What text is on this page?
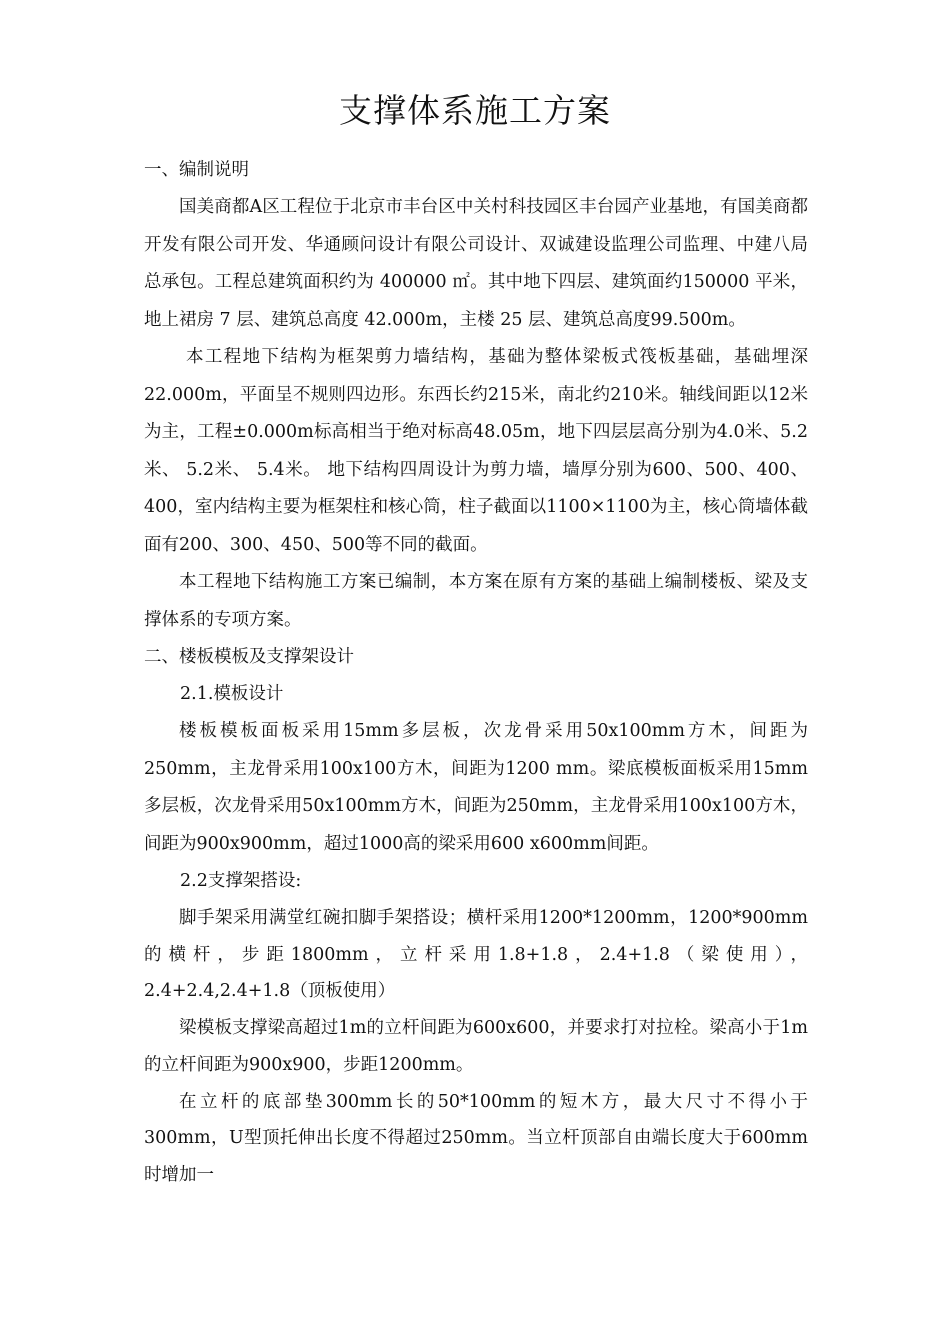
支撑体系施工方案

一、编制说明

国美商都A区工程位于北京市丰台区中关村科技园区丰台园产业基地，有国美商都开发有限公司开发、华通顾问设计有限公司设计、双诚建设监理公司监理、中建八局总承包。工程总建筑面积约为 400000 ㎡。其中地下四层、建筑面约150000 平米，地上裙房 7 层、建筑总高度 42.000m，主楼 25 层、建筑总高度99.500m。

本工程地下结构为框架剪力墙结构，基础为整体梁板式筏板基础，基础埋深22.000m，平面呈不规则四边形。东西长约215米，南北约210米。轴线间距以12米为主，工程±0.000m标高相当于绝对标高48.05m，地下四层层高分别为4.0米、5.2米、 5.2米、 5.4米。 地下结构四周设计为剪力墙，墙厚分别为600、500、400、400，室内结构主要为框架柱和核心筒，柱子截面以1100×1100为主，核心筒墙体截面有200、300、450、500等不同的截面。

本工程地下结构施工方案已编制，本方案在原有方案的基础上编制楼板、梁及支撑体系的专项方案。

二、楼板模板及支撑架设计

2.1.模板设计

楼板模板面板采用15mm多层板，次龙骨采用50x100mm方木，间距为250mm，主龙骨采用100x100方木，间距为1200 mm。梁底模板面板采用15mm多层板，次龙骨采用50x100mm方木，间距为250mm，主龙骨采用100x100方木，间距为900x900mm，超过1000高的梁采用600 x600mm间距。

2.2支撑架搭设:

脚手架采用满堂红碗扣脚手架搭设；横杆采用1200*1200mm，1200*900mm的横杆，步距1800mm，立杆采用1.8+1.8，2.4+1.8（梁使用），2.4+2.4,2.4+1.8（顶板使用）

梁模板支撑梁高超过1m的立杆间距为600x600，并要求打对拉栓。梁高小于1m的立杆间距为900x900，步距1200mm。

在立杆的底部垫300mm长的50*100mm的短木方，最大尺寸不得小于300mm，U型顶托伸出长度不得超过250mm。当立杆顶部自由端长度大于600mm时增加一
